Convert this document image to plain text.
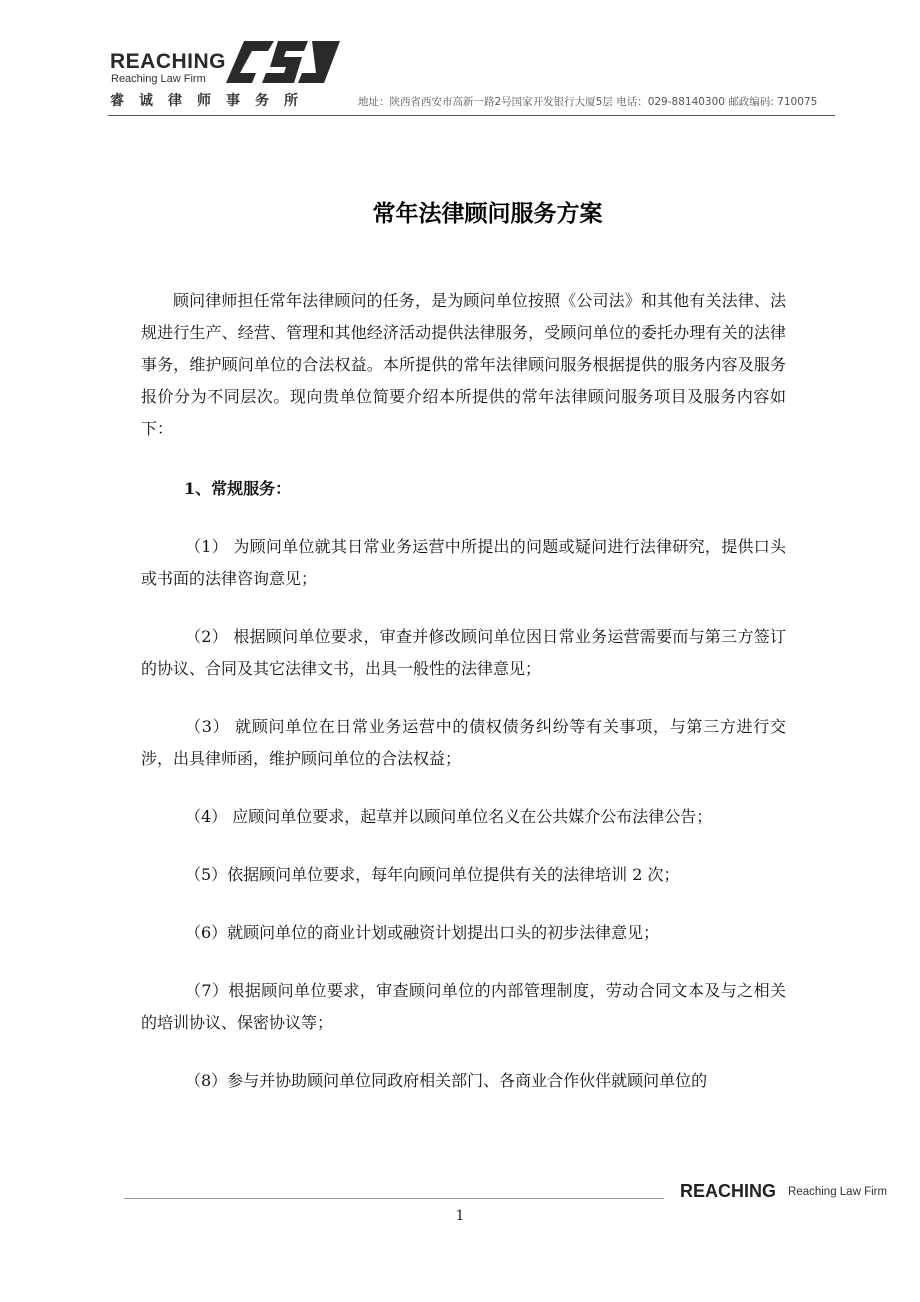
REACHING
Reaching Law Firm
睿诚律师事务所	地址：陕西省西安市高新一路2号国家开发银行大厦5层 电话：029-88140300 邮政编码: 710075
常年法律顾问服务方案

顾问律师担任常年法律顾问的任务，是为顾问单位按照《公司法》和其他有关法律、法规进行生产、经营、管理和其他经济活动提供法律服务，受顾问单位的委托办理有关的法律事务，维护顾问单位的合法权益。本所提供的常年法律顾问服务根据提供的服务内容及服务报价分为不同层次。现向贵单位简要介绍本所提供的常年法律顾问服务项目及服务内容如下：

1、常规服务：

（1） 为顾问单位就其日常业务运营中所提出的问题或疑问进行法律研究，提供口头或书面的法律咨询意见；

（2） 根据顾问单位要求，审查并修改顾问单位因日常业务运营需要而与第三方签订的协议、合同及其它法律文书，出具一般性的法律意见；

（3） 就顾问单位在日常业务运营中的债权债务纠纷等有关事项，与第三方进行交涉，出具律师函，维护顾问单位的合法权益；

（4） 应顾问单位要求，起草并以顾问单位名义在公共媒介公布法律公告；

（5）依据顾问单位要求，每年向顾问单位提供有关的法律培训 2 次；

（6）就顾问单位的商业计划或融资计划提出口头的初步法律意见；

（7）根据顾问单位要求，审查顾问单位的内部管理制度，劳动合同文本及与之相关的培训协议、保密协议等；

（8）参与并协助顾问单位同政府相关部门、各商业合作伙伴就顾问单位的

REACHING Reaching Law Firm
1
